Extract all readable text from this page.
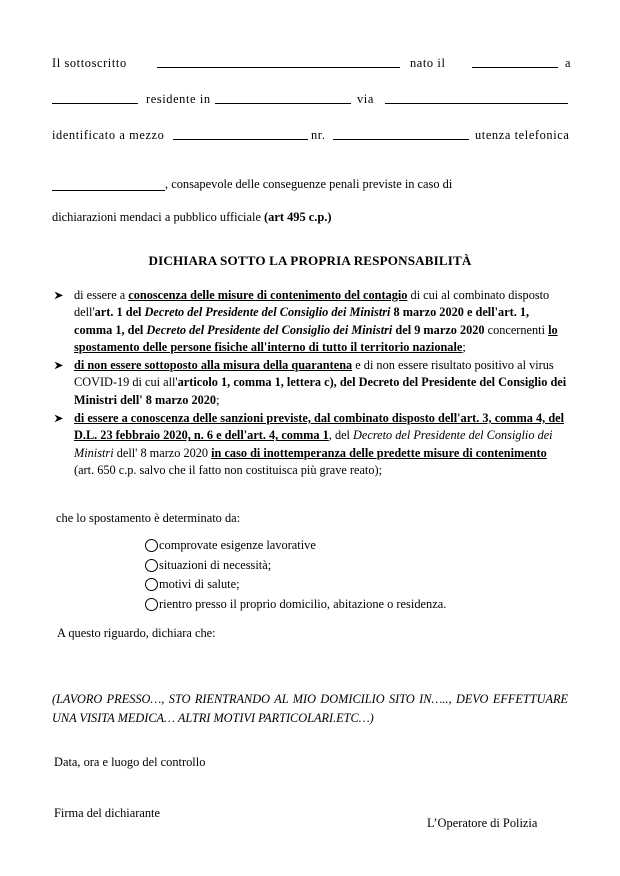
Il sottoscritto	nato il	a
residente in	via
identificato a mezzo	nr.	utenza telefonica
, consapevole delle conseguenze penali previste in caso di
dichiarazioni mendaci a pubblico ufficiale (art 495 c.p.)
DICHIARA SOTTO LA PROPRIA RESPONSABILITÀ
di essere a conoscenza delle misure di contenimento del contagio di cui al combinato disposto dell'art. 1 del Decreto del Presidente del Consiglio dei Ministri 8 marzo 2020 e dell'art. 1, comma 1, del Decreto del Presidente del Consiglio dei Ministri del 9 marzo 2020 concernenti lo spostamento delle persone fisiche all'interno di tutto il territorio nazionale;
di non essere sottoposto alla misura della quarantena e di non essere risultato positivo al virus COVID-19 di cui all'articolo 1, comma 1, lettera c), del Decreto del Presidente del Consiglio dei Ministri dell' 8 marzo 2020;
di essere a conoscenza delle sanzioni previste, dal combinato disposto dell'art. 3, comma 4, del D.L. 23 febbraio 2020, n. 6 e dell'art. 4, comma 1, del Decreto del Presidente del Consiglio dei Ministri dell' 8 marzo 2020 in caso di inottemperanza delle predette misure di contenimento (art. 650 c.p. salvo che il fatto non costituisca più grave reato);
che lo spostamento è determinato da:
comprovate esigenze lavorative
situazioni di necessità;
motivi di salute;
rientro presso il proprio domicilio, abitazione o residenza.
A questo riguardo, dichiara che:
(LAVORO PRESSO…, STO RIENTRANDO AL MIO DOMICILIO SITO IN….., DEVO EFFETTUARE UNA VISITA MEDICA… ALTRI MOTIVI PARTICOLARI.ETC…)
Data, ora e luogo del controllo
Firma del dichiarante
L’Operatore di Polizia
